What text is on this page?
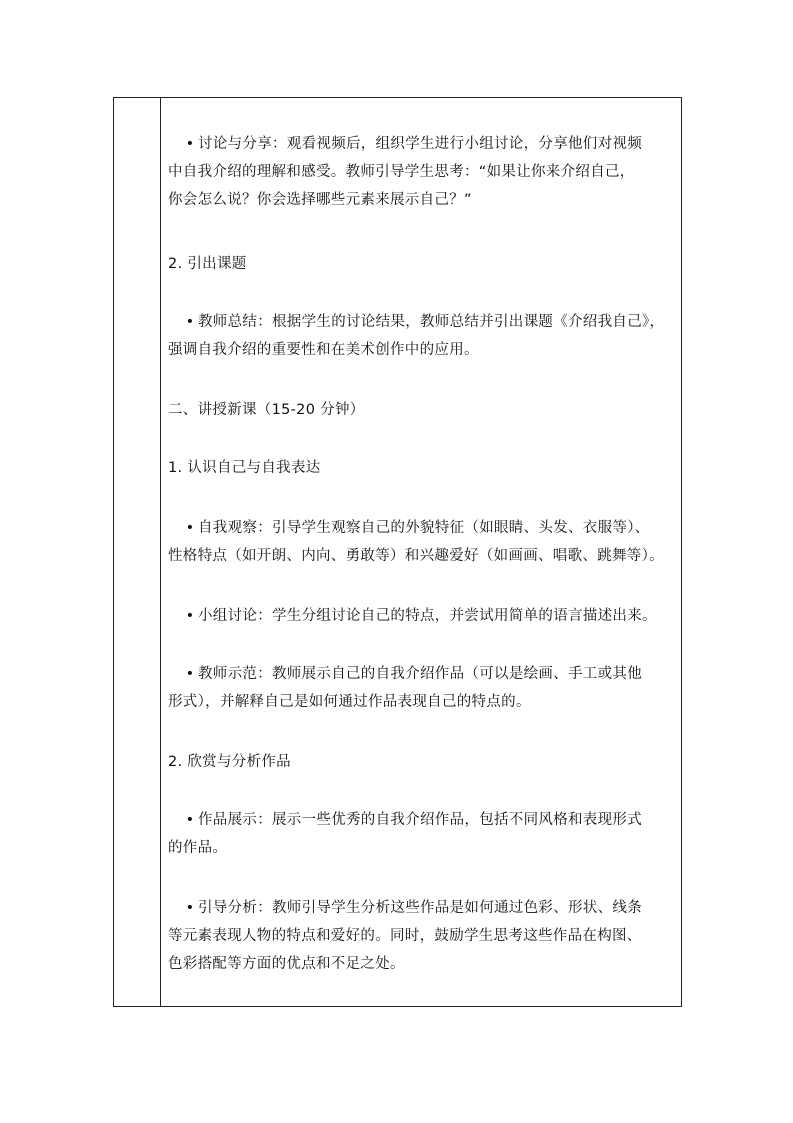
• 讨论与分享：观看视频后，组织学生进行小组讨论，分享他们对视频
中自我介绍的理解和感受。教师引导学生思考：“如果让你来介绍自己，
你会怎么说？你会选择哪些元素来展示自己？”
2. 引出课题
• 教师总结：根据学生的讨论结果，教师总结并引出课题《介绍我自己》，
强调自我介绍的重要性和在美术创作中的应用。
二、讲授新课（15-20 分钟）
1. 认识自己与自我表达
• 自我观察：引导学生观察自己的外貌特征（如眼睛、头发、衣服等）、
性格特点（如开朗、内向、勇敢等）和兴趣爱好（如画画、唱歌、跳舞等）。
• 小组讨论：学生分组讨论自己的特点，并尝试用简单的语言描述出来。
• 教师示范：教师展示自己的自我介绍作品（可以是绘画、手工或其他
形式），并解释自己是如何通过作品表现自己的特点的。
2. 欣赏与分析作品
• 作品展示：展示一些优秀的自我介绍作品，包括不同风格和表现形式
的作品。
• 引导分析：教师引导学生分析这些作品是如何通过色彩、形状、线条
等元素表现人物的特点和爱好的。同时，鼓励学生思考这些作品在构图、
色彩搭配等方面的优点和不足之处。
